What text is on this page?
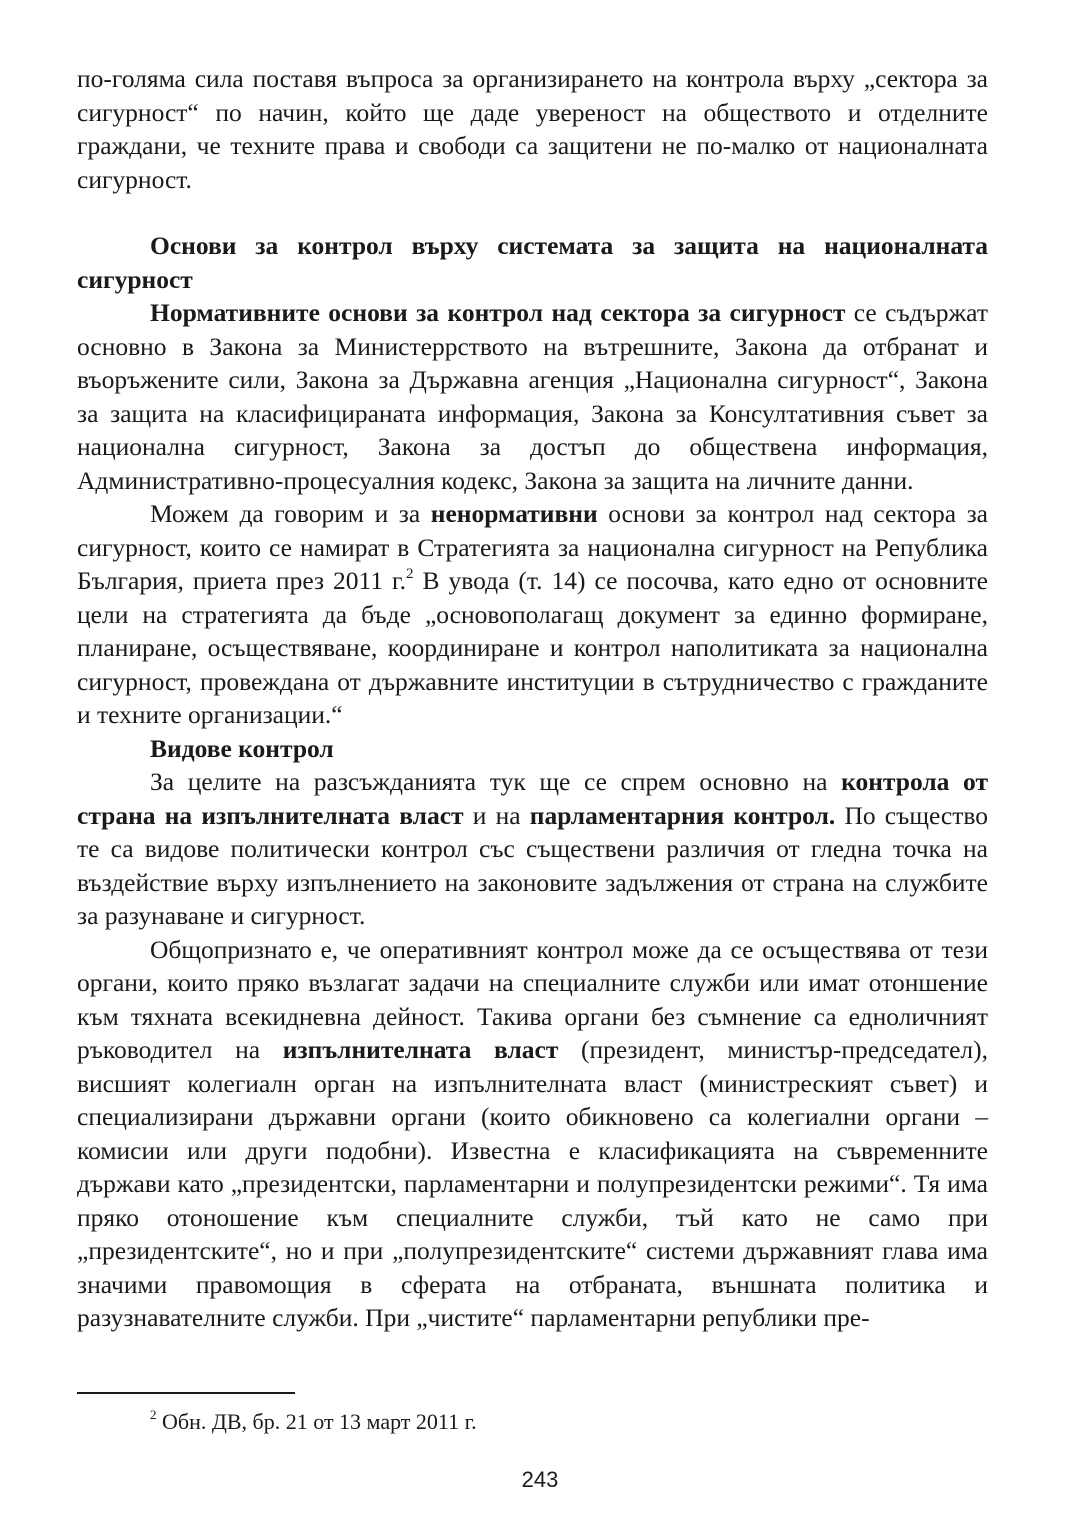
по-голяма сила поставя въпроса за организирането на контрола върху „сектора за сигурност“ по начин, който ще даде увереност на обществото и отделните граждани, че техните права и свободи са защитени не по-малко от националната сигурност.

Основи за контрол върху системата за защита на националната сигурност

Нормативните основи за контрол над сектора за сигурност се съдържат основно в Закона за Министеррството на вътрешните, Закона да отбранат и въоръжените сили, Закона за Държавна агенция „Национална сигурност“, Закона за защита на класифицираната информация, Закона за Консултативния съвет за национална сигурност, Закона за достъп до обществена информация, Административно-процесуалния кодекс, Закона за защита на личните данни.

Можем да говорим и за ненормативни основи за контрол над сектора за сигурност, които се намират в Стратегията за национална сигурност на Република България, приета през 2011 г.$^2$ В увода (т. 14) се посочва, като едно от основните цели на стратегията да бъде „основополагащ документ за единно формиране, планиране, осъществяване, координиране и контрол наполитиката за национална сигурност, провеждана от държавните институции в сътрудничество с гражданите и техните организации.“

Видове контрол

За целите на разсъжданията тук ще се спрем основно на контрола от страна на изпълнителната власт и на парламентарния контрол. По същество те са видове политически контрол със съществени различия от гледна точка на въздействие върху изпълнението на законовите задължения от страна на службите за разунаване и сигурност.

Общопризнато е, че оперативният контрол може да се осъществява от тези органи, които пряко възлагат задачи на специалните служби или имат отоншение към тяхната всекидневна дейност. Такива органи без съмнение са едноличният ръководител на изпълнителната власт (президент, министър-председател), висшият колегиалн орган на изпълнителната власт (министреският съвет) и специализирани държавни органи (които обикновено са колегиални органи – комисии или други подобни). Известна е класификацията на съвременните държави като „президентски, парламентарни и полупрезидентски режими“. Тя има пряко отоношение към специалните служби, тъй като не само при „президентските“, но и при „полупрезидентските“ системи държавният глава има значими правомощия в сферата на отбраната, външната политика и разузнавателните служби. При „чистите“ парламентарни републики пре-

$^2$ Обн. ДВ, бр. 21 от 13 март 2011 г.
243
